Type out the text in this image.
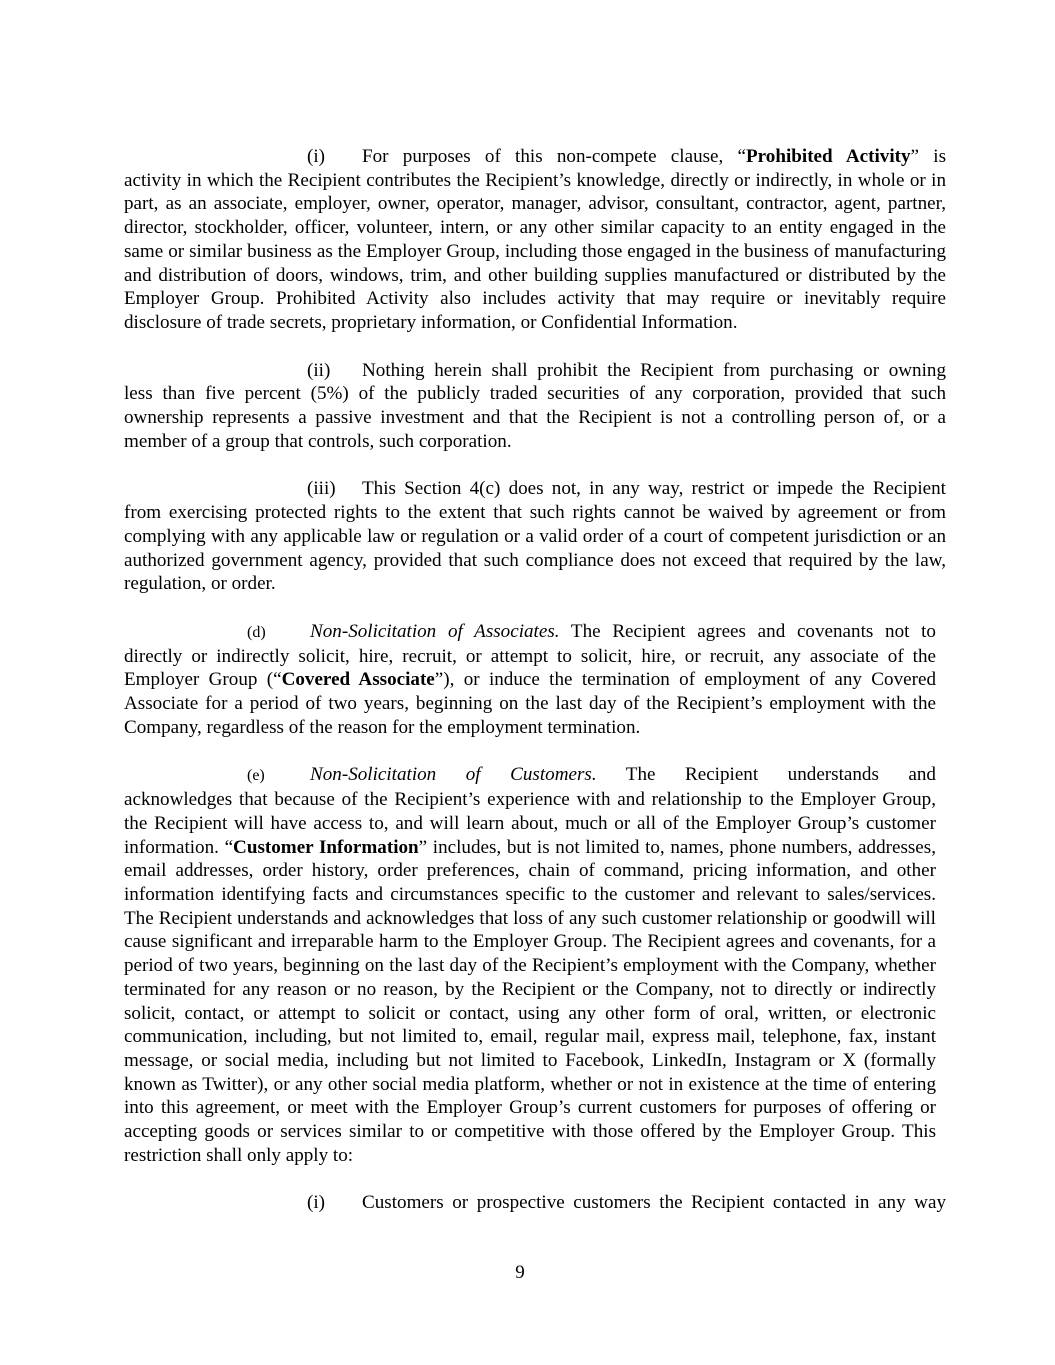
(i) For purposes of this non-compete clause, “Prohibited Activity” is
activity in which the Recipient contributes the Recipient’s knowledge, directly or indirectly, in whole or in part, as an associate, employer, owner, operator, manager, advisor, consultant, contractor, agent, partner, director, stockholder, officer, volunteer, intern, or any other similar capacity to an entity engaged in the same or similar business as the Employer Group, including those engaged in the business of manufacturing and distribution of doors, windows, trim, and other building supplies manufactured or distributed by the Employer Group. Prohibited Activity also includes activity that may require or inevitably require disclosure of trade secrets, proprietary information, or Confidential Information.

(ii) Nothing herein shall prohibit the Recipient from purchasing or owning
less than five percent (5%) of the publicly traded securities of any corporation, provided that such ownership represents a passive investment and that the Recipient is not a controlling person of, or a member of a group that controls, such corporation.

(iii) This Section 4(c) does not, in any way, restrict or impede the Recipient
from exercising protected rights to the extent that such rights cannot be waived by agreement or from complying with any applicable law or regulation or a valid order of a court of competent jurisdiction or an authorized government agency, provided that such compliance does not exceed that required by the law, regulation, or order.

(d) Non-Solicitation of Associates. The Recipient agrees and covenants not to
directly or indirectly solicit, hire, recruit, or attempt to solicit, hire, or recruit, any associate of the Employer Group (“Covered Associate”), or induce the termination of employment of any Covered Associate for a period of two years, beginning on the last day of the Recipient’s employment with the Company, regardless of the reason for the employment termination.

(e) Non-Solicitation of Customers. The Recipient understands and
acknowledges that because of the Recipient’s experience with and relationship to the Employer Group, the Recipient will have access to, and will learn about, much or all of the Employer Group’s customer information. “Customer Information” includes, but is not limited to, names, phone numbers, addresses, email addresses, order history, order preferences, chain of command, pricing information, and other information identifying facts and circumstances specific to the customer and relevant to sales/services. The Recipient understands and acknowledges that loss of any such customer relationship or goodwill will cause significant and irreparable harm to the Employer Group. The Recipient agrees and covenants, for a period of two years, beginning on the last day of the Recipient’s employment with the Company, whether terminated for any reason or no reason, by the Recipient or the Company, not to directly or indirectly solicit, contact, or attempt to solicit or contact, using any other form of oral, written, or electronic communication, including, but not limited to, email, regular mail, express mail, telephone, fax, instant message, or social media, including but not limited to Facebook, LinkedIn, Instagram or X (formally known as Twitter), or any other social media platform, whether or not in existence at the time of entering into this agreement, or meet with the Employer Group’s current customers for purposes of offering or accepting goods or services similar to or competitive with those offered by the Employer Group. This restriction shall only apply to:

(i) Customers or prospective customers the Recipient contacted in any way

9
